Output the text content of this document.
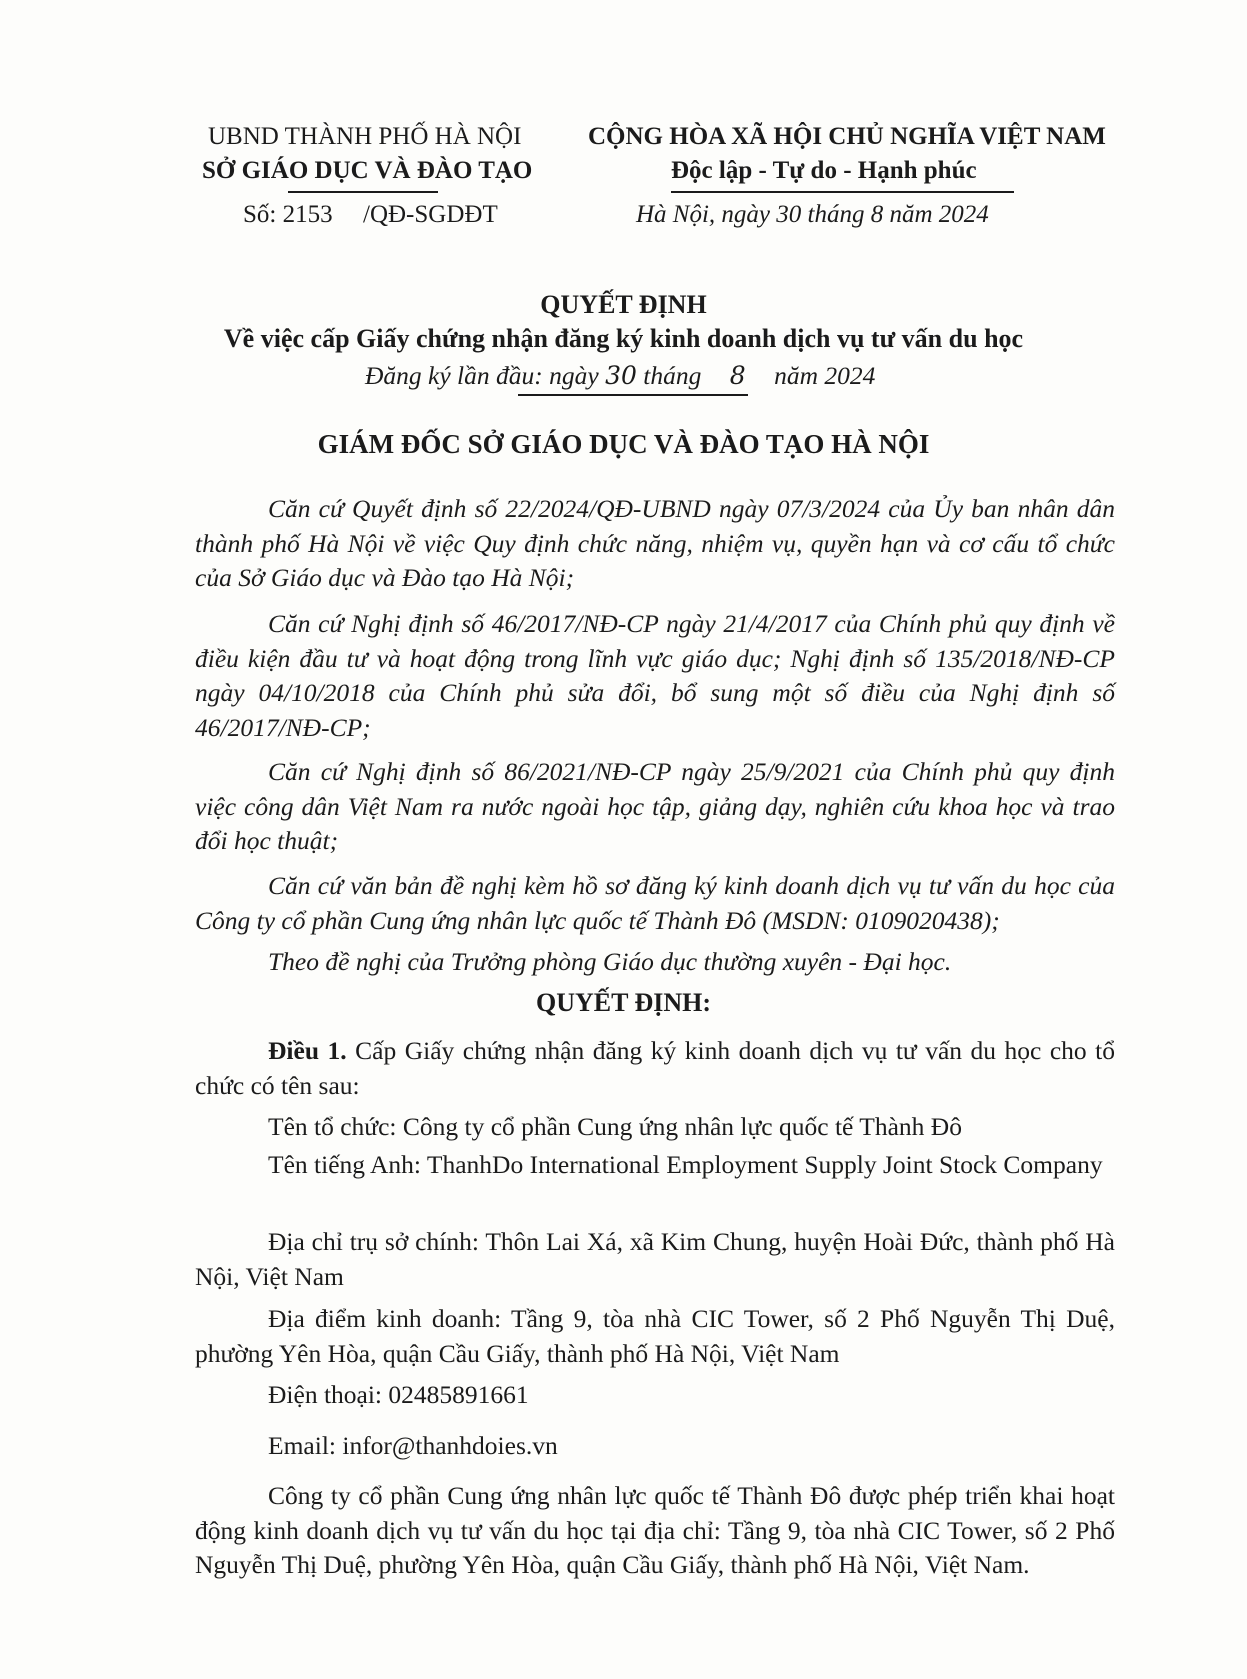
UBND THÀNH PHỐ HÀ NỘI
SỞ GIÁO DỤC VÀ ĐÀO TẠO
Số: 2153 /QĐ-SGDĐT
CỘNG HÒA XÃ HỘI CHỦ NGHĨA VIỆT NAM
Độc lập - Tự do - Hạnh phúc
Hà Nội, ngày 30 tháng 8 năm 2024
QUYẾT ĐỊNH
Về việc cấp Giấy chứng nhận đăng ký kinh doanh dịch vụ tư vấn du học
Đăng ký lần đầu: ngày 30 tháng 8 năm 2024
GIÁM ĐỐC SỞ GIÁO DỤC VÀ ĐÀO TẠO HÀ NỘI
Căn cứ Quyết định số 22/2024/QĐ-UBND ngày 07/3/2024 của Ủy ban nhân dân thành phố Hà Nội về việc Quy định chức năng, nhiệm vụ, quyền hạn và cơ cấu tổ chức của Sở Giáo dục và Đào tạo Hà Nội;
Căn cứ Nghị định số 46/2017/NĐ-CP ngày 21/4/2017 của Chính phủ quy định về điều kiện đầu tư và hoạt động trong lĩnh vực giáo dục; Nghị định số 135/2018/NĐ-CP ngày 04/10/2018 của Chính phủ sửa đổi, bổ sung một số điều của Nghị định số 46/2017/NĐ-CP;
Căn cứ Nghị định số 86/2021/NĐ-CP ngày 25/9/2021 của Chính phủ quy định việc công dân Việt Nam ra nước ngoài học tập, giảng dạy, nghiên cứu khoa học và trao đổi học thuật;
Căn cứ văn bản đề nghị kèm hồ sơ đăng ký kinh doanh dịch vụ tư vấn du học của Công ty cổ phần Cung ứng nhân lực quốc tế Thành Đô (MSDN: 0109020438);
Theo đề nghị của Trưởng phòng Giáo dục thường xuyên - Đại học.
QUYẾT ĐỊNH:
Điều 1. Cấp Giấy chứng nhận đăng ký kinh doanh dịch vụ tư vấn du học cho tổ chức có tên sau:
Tên tổ chức: Công ty cổ phần Cung ứng nhân lực quốc tế Thành Đô
Tên tiếng Anh: ThanhDo International Employment Supply Joint Stock Company
Địa chỉ trụ sở chính: Thôn Lai Xá, xã Kim Chung, huyện Hoài Đức, thành phố Hà Nội, Việt Nam
Địa điểm kinh doanh: Tầng 9, tòa nhà CIC Tower, số 2 Phố Nguyễn Thị Duệ, phường Yên Hòa, quận Cầu Giấy, thành phố Hà Nội, Việt Nam
Điện thoại: 02485891661
Email: infor@thanhdoies.vn
Công ty cổ phần Cung ứng nhân lực quốc tế Thành Đô được phép triển khai hoạt động kinh doanh dịch vụ tư vấn du học tại địa chỉ: Tầng 9, tòa nhà CIC Tower, số 2 Phố Nguyễn Thị Duệ, phường Yên Hòa, quận Cầu Giấy, thành phố Hà Nội, Việt Nam.
